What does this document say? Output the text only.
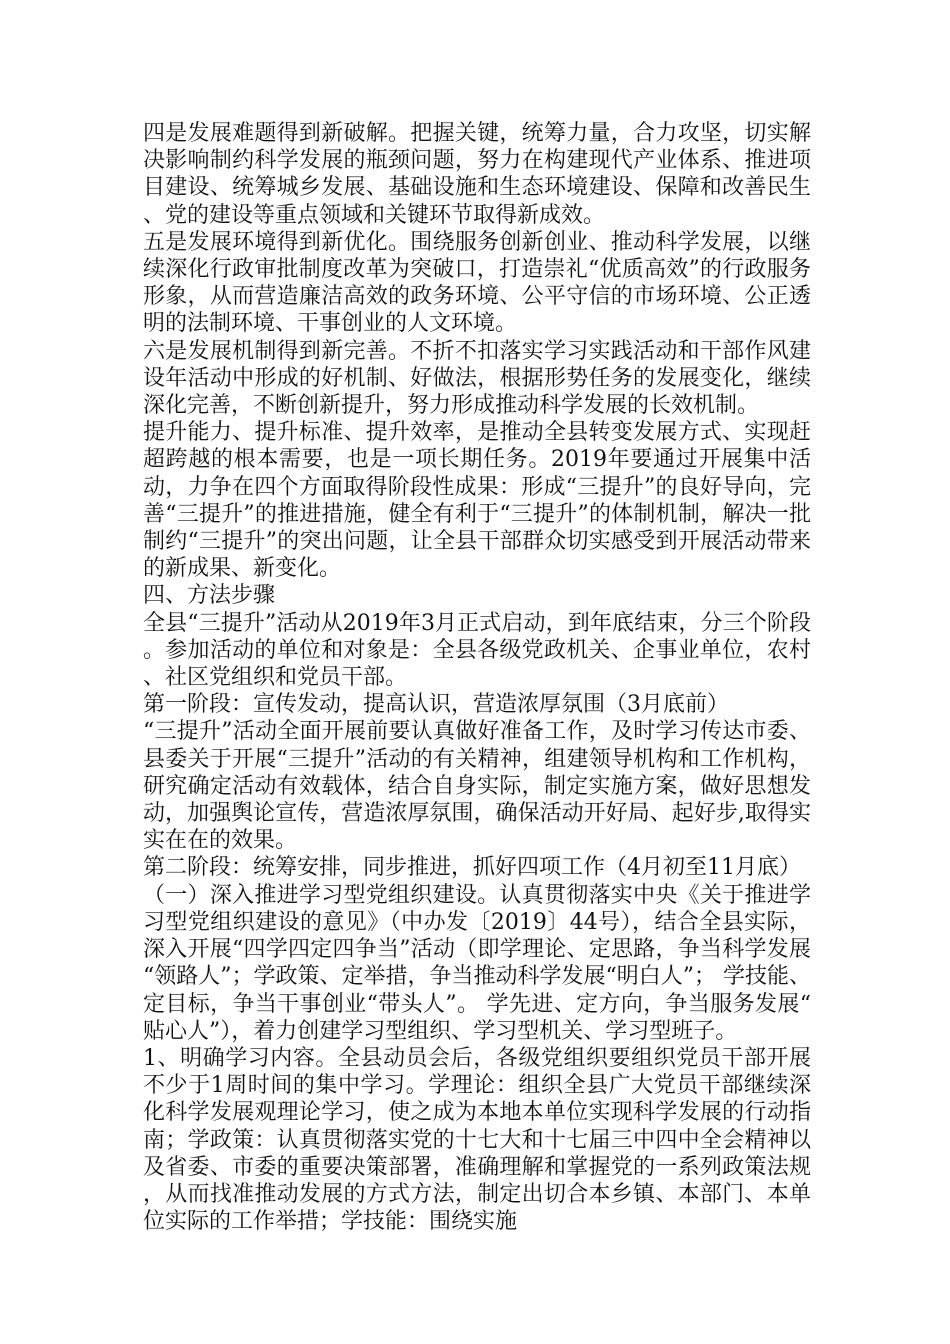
四是发展难题得到新破解。把握关键，统筹力量，合力攻坚，切实解决影响制约科学发展的瓶颈问题，努力在构建现代产业体系、推进项目建设、统筹城乡发展、基础设施和生态环境建设、保障和改善民生、党的建设等重点领域和关键环节取得新成效。

五是发展环境得到新优化。围绕服务创新创业、推动科学发展，以继续深化行政审批制度改革为突破口，打造崇礼“优质高效”的行政服务形象，从而营造廉洁高效的政务环境、公平守信的市场环境、公正透明的法制环境、干事创业的人文环境。

六是发展机制得到新完善。不折不扣落实学习实践活动和干部作风建设年活动中形成的好机制、好做法，根据形势任务的发展变化，继续深化完善，不断创新提升，努力形成推动科学发展的长效机制。

提升能力、提升标准、提升效率，是推动全县转变发展方式、实现赶超跨越的根本需要，也是一项长期任务。2019年要通过开展集中活动，力争在四个方面取得阶段性成果：形成“三提升”的良好导向，完善“三提升”的推进措施，健全有利于“三提升”的体制机制，解决一批制约“三提升”的突出问题，让全县干部群众切实感受到开展活动带来的新成果、新变化。

四、方法步骤

全县“三提升”活动从2019年3月正式启动，到年底结束，分三个阶段。参加活动的单位和对象是：全县各级党政机关、企事业单位，农村、社区党组织和党员干部。

第一阶段：宣传发动，提高认识，营造浓厚氛围（3月底前）

“三提升”活动全面开展前要认真做好准备工作，及时学习传达市委、县委关于开展“三提升”活动的有关精神，组建领导机构和工作机构，研究确定活动有效载体，结合自身实际，制定实施方案，做好思想发动，加强舆论宣传，营造浓厚氛围，确保活动开好局、起好步,取得实实在在的效果。

第二阶段：统筹安排，同步推进，抓好四项工作（4月初至11月底）

（一）深入推进学习型党组织建设。认真贯彻落实中央《关于推进学习型党组织建设的意见》（中办发〔2019〕44号），结合全县实际，深入开展“四学四定四争当”活动（即学理论、定思路，争当科学发展“领路人”；学政策、定举措，争当推动科学发展“明白人”； 学技能、定目标，争当干事创业“带头人”。 学先进、定方向，争当服务发展“贴心人”），着力创建学习型组织、学习型机关、学习型班子。

1、明确学习内容。全县动员会后，各级党组织要组织党员干部开展不少于1周时间的集中学习。学理论：组织全县广大党员干部继续深化科学发展观理论学习，使之成为本地本单位实现科学发展的行动指南；学政策：认真贯彻落实党的十七大和十七届三中四中全会精神以及省委、市委的重要决策部署，准确理解和掌握党的一系列政策法规，从而找准推动发展的方式方法，制定出切合本乡镇、本部门、本单位实际的工作举措；学技能：围绕实施
